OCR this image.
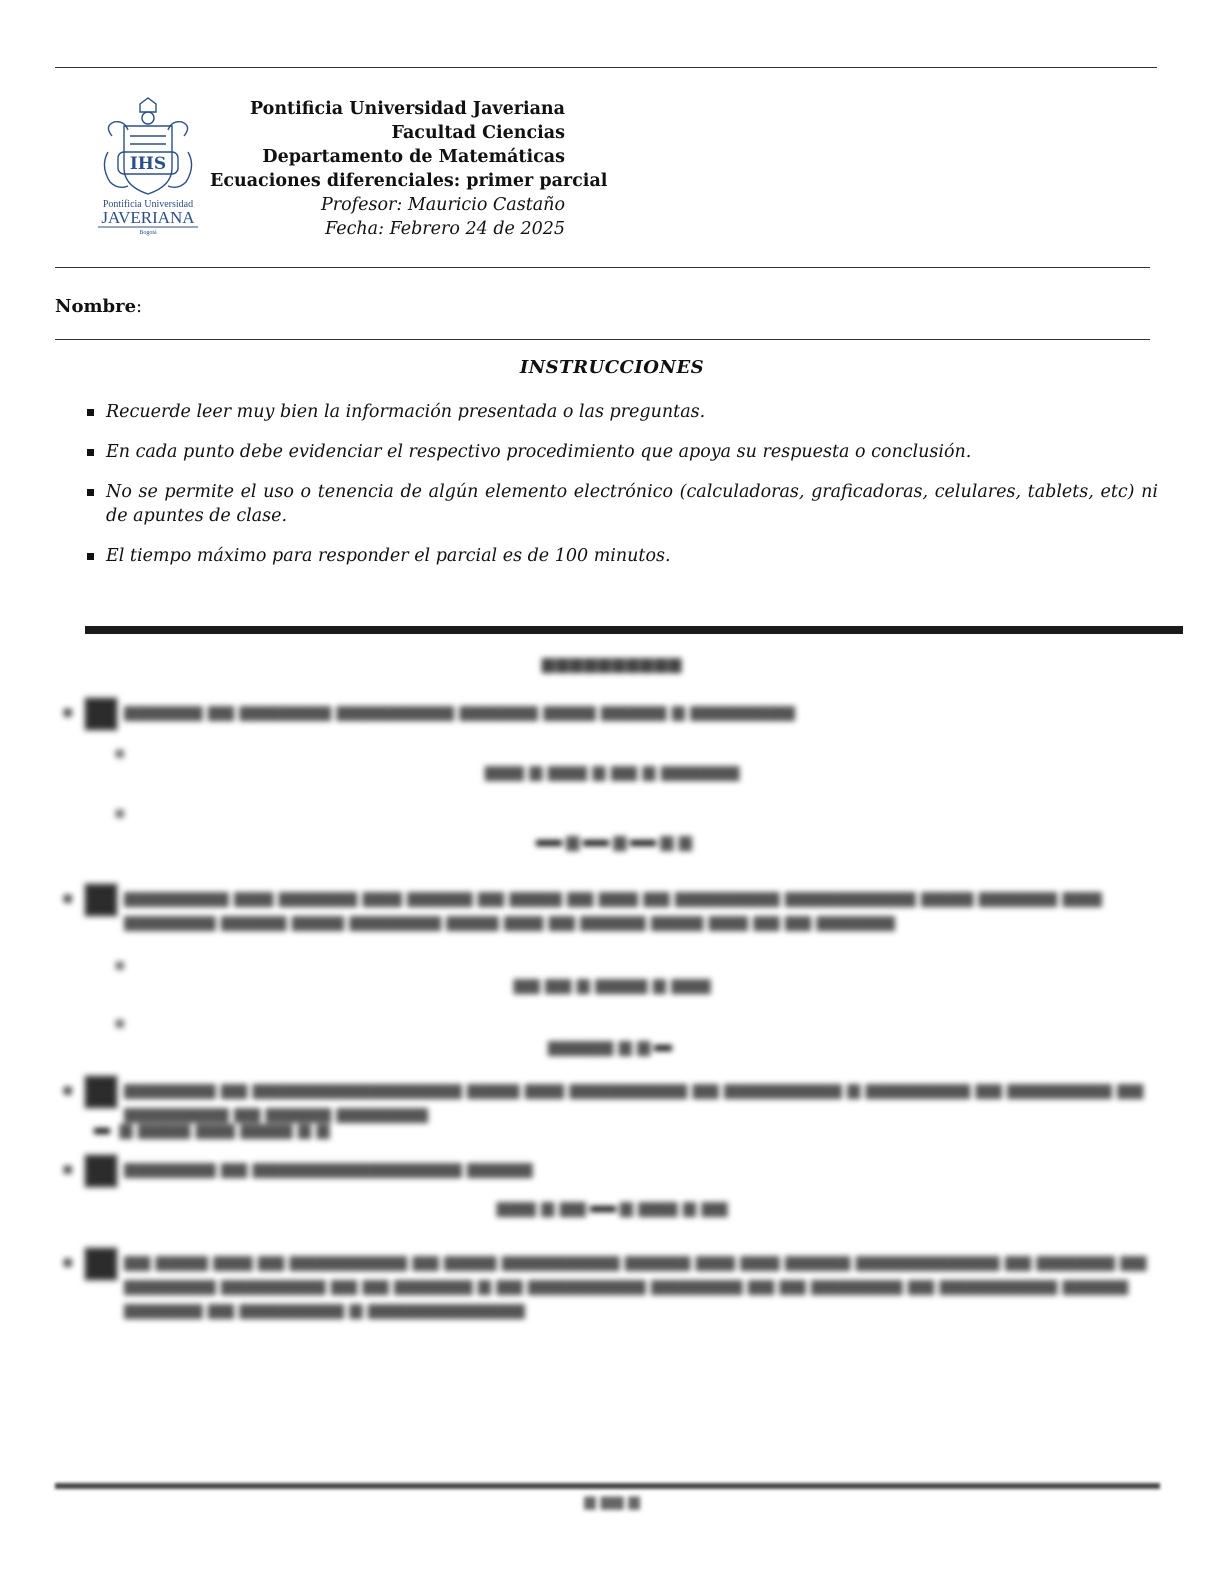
IHS
Pontificia Universidad
JAVERIANA
Bogotá
Pontificia Universidad Javeriana
Facultad Ciencias
Departamento de Matemáticas
Ecuaciones diferenciales: primer parcial
Profesor: Mauricio Castaño
Fecha: Febrero 24 de 2025
Nombre:
INSTRUCCIONES
Recuerde leer muy bien la información presentada o las preguntas.
En cada punto debe evidenciar el respectivo procedimiento que apoya su respuesta o conclusión.
No se permite el uso o tenencia de algún elemento electrónico (calculadoras, graficadoras, celulares, tablets, etc) ni de apuntes de clase.
El tiempo máximo para responder el parcial es de 100 minutos.
▆▆▆▆▆▆▆▆▆▆
▪	▆▆▆▆▆▆ ▆▆ ▆▆▆▆▆▆▆ ▆▆▆▆▆▆▆▆▆ ▆▆▆▆▆▆ ▆▆▆▆ ▆▆▆▆▆ ▆ ▆▆▆▆▆▆▆▆
▪
▆▆▆ ▆ ▆▆▆ ▆ ▆▆ ▆ ▆▆▆▆▆▆
▪
▆ ▆ ▆ ▆
▪	▆▆▆▆▆▆▆▆ ▆▆▆ ▆▆▆▆▆▆ ▆▆▆ ▆▆▆▆▆ ▆▆ ▆▆▆▆ ▆▆ ▆▆▆ ▆▆ ▆▆▆▆▆▆▆▆ ▆▆▆▆▆▆▆▆▆▆ ▆▆▆▆ ▆▆▆▆▆▆ ▆▆▆ ▆▆▆▆▆▆▆ ▆▆▆▆▆ ▆▆▆▆ ▆▆▆▆▆▆▆ ▆▆▆▆ ▆▆▆ ▆▆ ▆▆▆▆▆ ▆▆▆▆ ▆▆▆ ▆▆ ▆▆ ▆▆▆▆▆▆
▪
▆▆ ▆▆ ▆ ▆▆▆▆ ▆ ▆▆▆
▪
▆▆▆▆▆ ▆ ▆
▪	▆▆▆▆▆▆▆ ▆▆ ▆▆▆▆▆▆▆▆▆▆▆▆▆▆▆▆ ▆▆▆▆ ▆▆▆ ▆▆▆▆▆▆▆▆▆ ▆▆ ▆▆▆▆▆▆▆▆▆ ▆ ▆▆▆▆▆▆▆▆ ▆▆ ▆▆▆▆▆▆▆▆ ▆▆ ▆▆▆▆▆▆▆▆ ▆▆ ▆▆▆▆▆ ▆▆▆▆▆▆▆
▆ ▆▆▆▆ ▆▆▆ ▆▆▆▆ ▆ ▆
▪	▆▆▆▆▆▆▆ ▆▆ ▆▆▆▆▆▆▆▆▆▆▆▆▆▆▆▆ ▆▆▆▆▆
▆▆▆ ▆ ▆▆ ▆ ▆▆▆ ▆ ▆▆
▪	▆▆ ▆▆▆▆ ▆▆▆ ▆▆ ▆▆▆▆▆▆▆▆▆ ▆▆ ▆▆▆▆ ▆▆▆▆▆▆▆▆▆ ▆▆▆▆▆ ▆▆▆ ▆▆▆ ▆▆▆▆▆ ▆▆▆▆▆▆▆▆▆▆▆ ▆▆ ▆▆▆▆▆▆ ▆▆ ▆▆▆▆▆▆▆ ▆▆▆▆▆▆▆▆ ▆▆ ▆▆ ▆▆▆▆▆▆ ▆ ▆▆ ▆▆▆▆▆▆▆▆▆ ▆▆▆▆▆▆▆ ▆▆ ▆▆ ▆▆▆▆▆▆▆ ▆▆ ▆▆▆▆▆▆▆▆▆ ▆▆▆▆▆ ▆▆▆▆▆▆ ▆▆ ▆▆▆▆▆▆▆▆ ▆ ▆▆▆▆▆▆▆▆▆▆▆▆
▆ ▆▆ ▆
